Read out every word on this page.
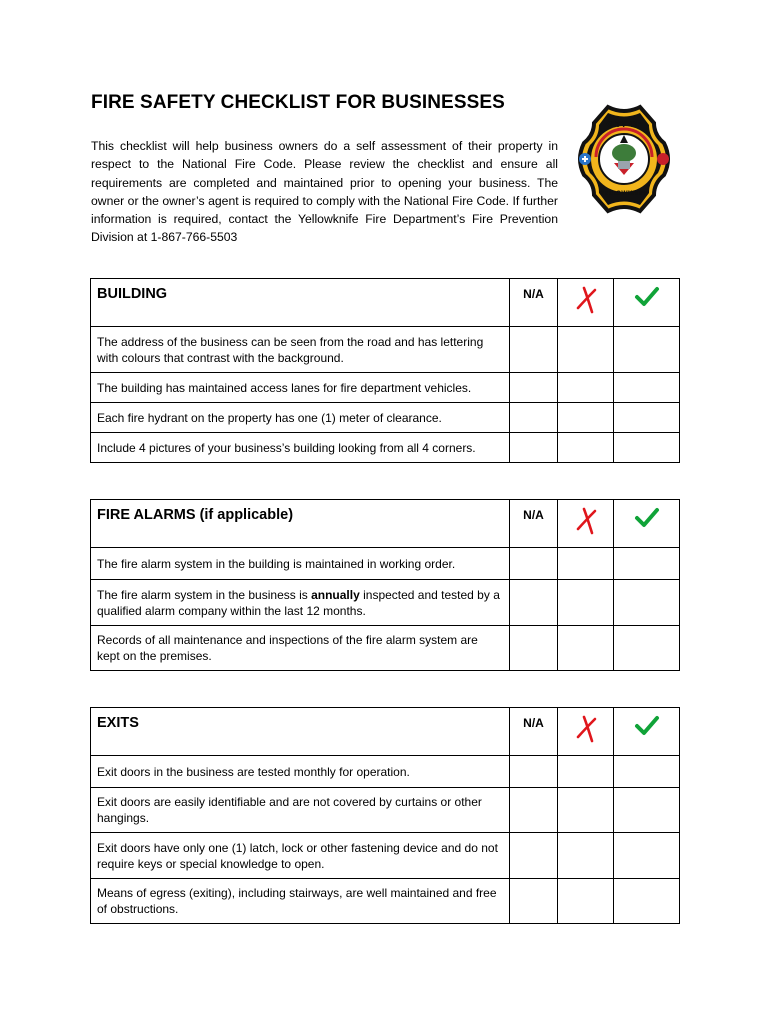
FIRE SAFETY CHECKLIST FOR BUSINESSES

This checklist will help business owners do a self assessment of their property in respect to the National Fire Code. Please review the checklist and ensure all requirements are completed and maintained prior to opening your business. The owner or the owner’s agent is required to comply with the National Fire Code. If further information is required, contact the Yellowknife Fire Department’s Fire Prevention Division at 1-867-766-5503

CITY OF
YELLOWKNIFE
BUILDING	N/A		
The address of the business can be seen from the road and has lettering with colours that contrast with the background.			
The building has maintained access lanes for fire department vehicles.			
Each fire hydrant on the property has one (1) meter of clearance.			
Include 4 pictures of your business’s building looking from all 4 corners.			
FIRE ALARMS (if applicable)	N/A		
The fire alarm system in the building is maintained in working order.			
The fire alarm system in the business is annually inspected and tested by a qualified alarm company within the last 12 months.			
Records of all maintenance and inspections of the fire alarm system are kept on the premises.			
EXITS	N/A		
Exit doors in the business are tested monthly for operation.			
Exit doors are easily identifiable and are not covered by curtains or other hangings.			
Exit doors have only one (1) latch, lock or other fastening device and do not require keys or special knowledge to open.			
Means of egress (exiting), including stairways, are well maintained and free of obstructions.			
